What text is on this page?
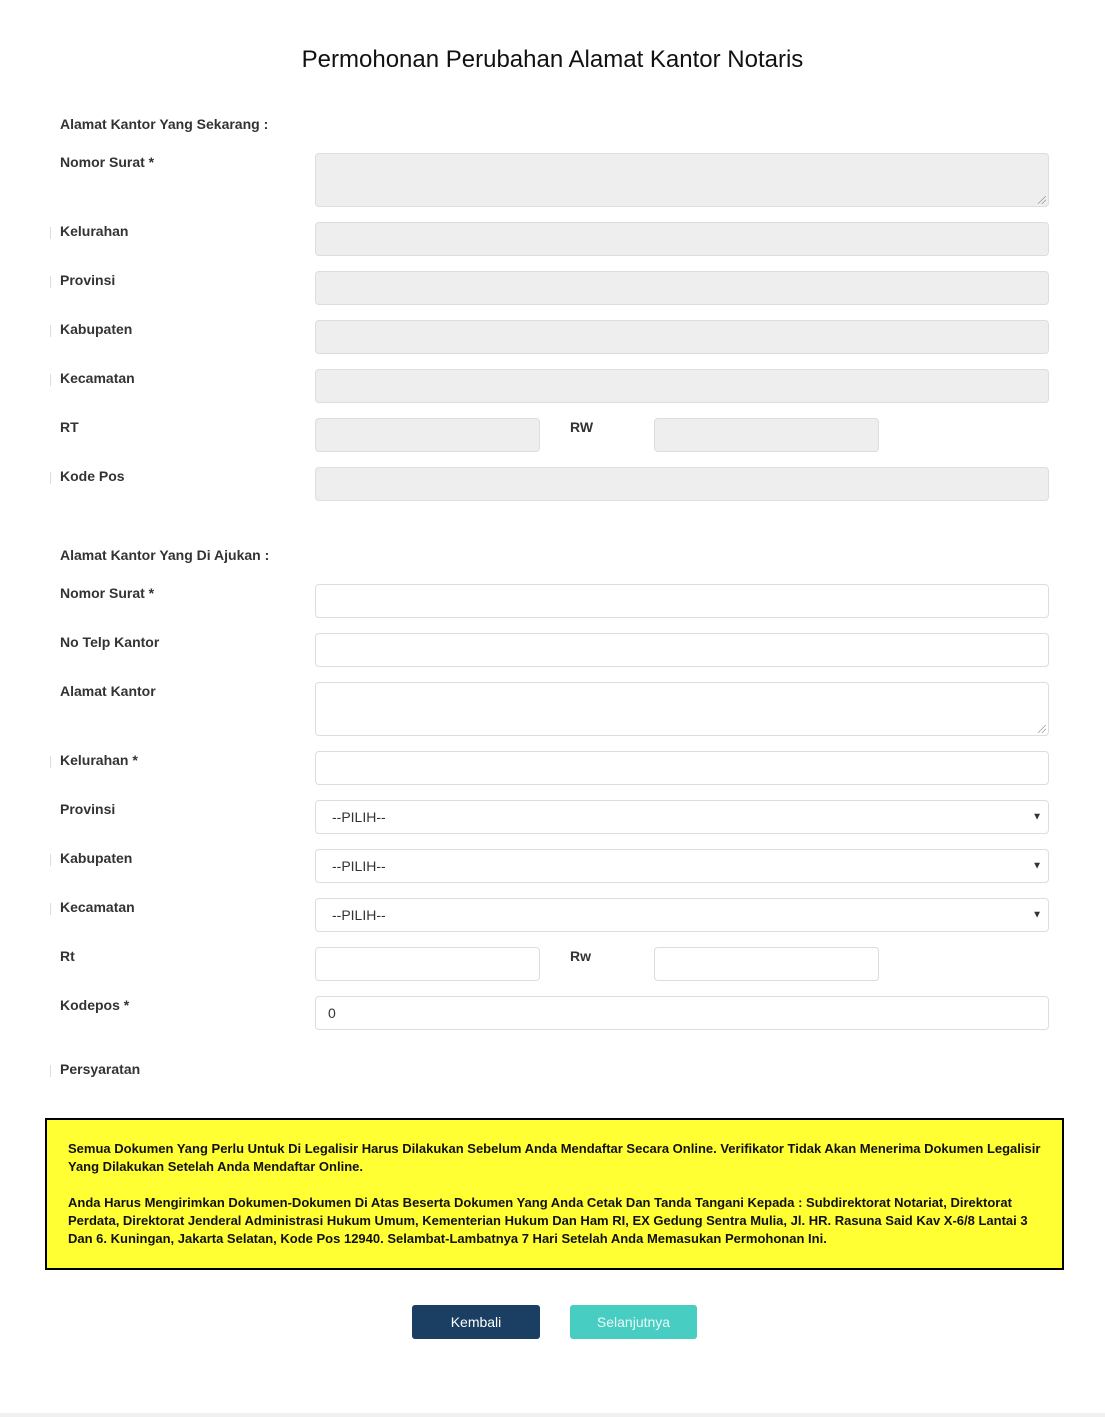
Permohonan Perubahan Alamat Kantor Notaris
Alamat Kantor Yang Sekarang :
Nomor Surat *
Kelurahan
Provinsi
Kabupaten
Kecamatan
RT	RW
Kode Pos
Alamat Kantor Yang Di Ajukan :
Nomor Surat *
No Telp Kantor
Alamat Kantor
Kelurahan *
Provinsi	--PILIH--	▼
Kabupaten	--PILIH--	▼
Kecamatan	--PILIH--	▼
Rt	Rw
Kodepos *	0
Persyaratan

Semua Dokumen Yang Perlu Untuk Di Legalisir Harus Dilakukan Sebelum Anda Mendaftar Secara Online. Verifikator Tidak Akan Menerima Dokumen Legalisir Yang Dilakukan Setelah Anda Mendaftar Online.

Anda Harus Mengirimkan Dokumen-Dokumen Di Atas Beserta Dokumen Yang Anda Cetak Dan Tanda Tangani Kepada : Subdirektorat Notariat, Direktorat Perdata, Direktorat Jenderal Administrasi Hukum Umum, Kementerian Hukum Dan Ham RI, EX Gedung Sentra Mulia, Jl. HR. Rasuna Said Kav X-6/8 Lantai 3 Dan 6. Kuningan, Jakarta Selatan, Kode Pos 12940. Selambat-Lambatnya 7 Hari Setelah Anda Memasukan Permohonan Ini.

Kembali	Selanjutnya
